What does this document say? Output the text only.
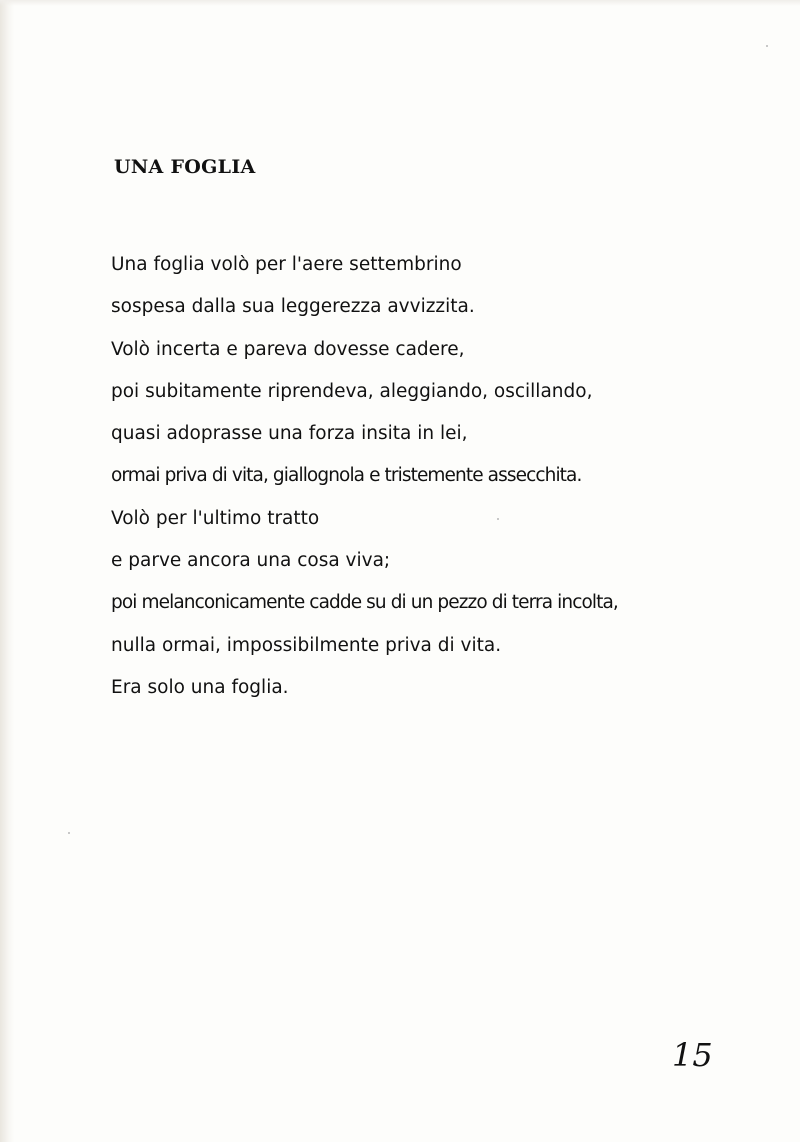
UNA FOGLIA
Una foglia volò per l'aere settembrino
sospesa dalla sua leggerezza avvizzita.
Volò incerta e pareva dovesse cadere,
poi subitamente riprendeva, aleggiando, oscillando,
quasi adoprasse una forza insita in lei,
ormai priva di vita, giallognola e tristemente assecchita.
Volò per l'ultimo tratto
e parve ancora una cosa viva;
poi melanconicamente cadde su di un pezzo di terra incolta,
nulla ormai, impossibilmente priva di vita.
Era solo una foglia.
15
